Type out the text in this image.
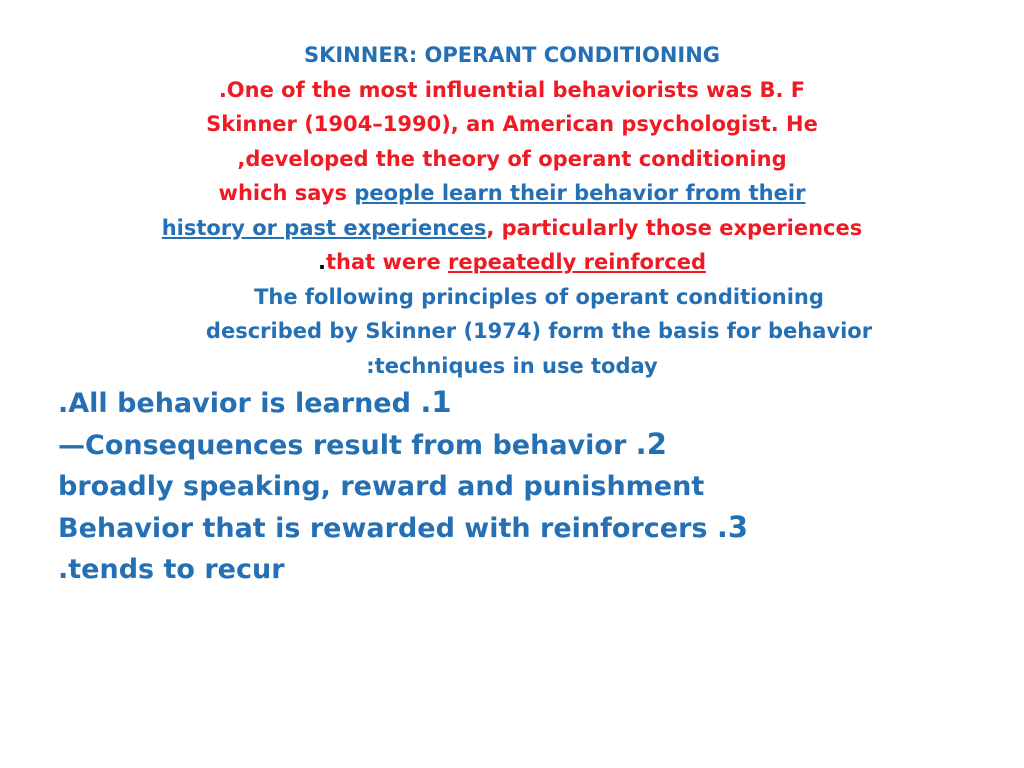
SKINNER: OPERANT CONDITIONING
.One of the most influential behaviorists was B. F
Skinner (1904–1990), an American psychologist. He
,developed the theory of operant conditioning
which says people learn their behavior from their
history or past experiences, particularly those experiences
.that were repeatedly reinforced
The following principles of operant conditioning
described by Skinner (1974) form the basis for behavior
:techniques in use today
.All behavior is learned .1
—Consequences result from behavior .2
broadly speaking, reward and punishment
Behavior that is rewarded with reinforcers .3
.tends to recur
